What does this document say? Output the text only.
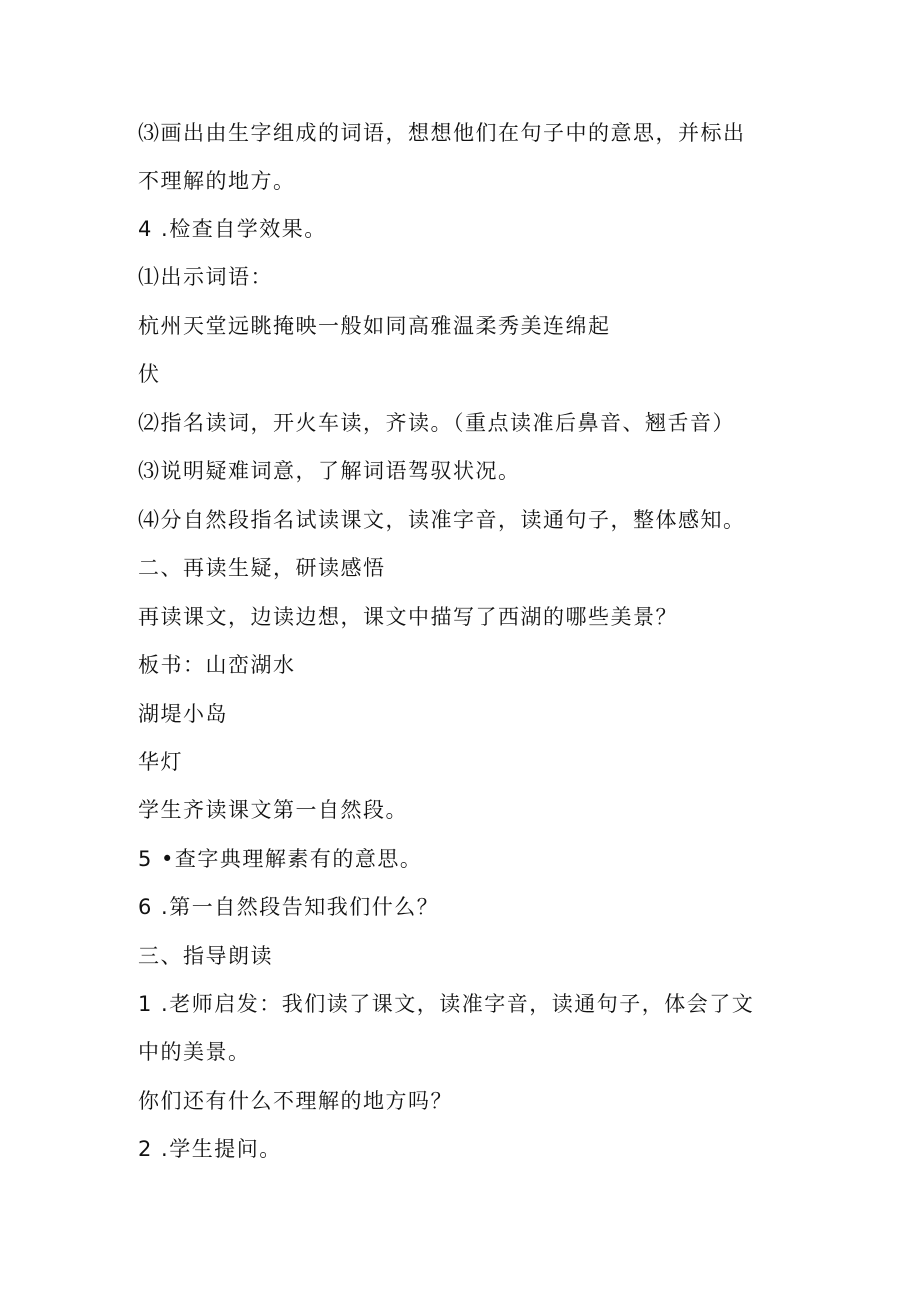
⑶画出由生字组成的词语，想想他们在句子中的意思，并标出
不理解的地方。
4 .检查自学效果。
⑴出示词语：
杭州天堂远眺掩映一般如同高雅温柔秀美连绵起
伏
⑵指名读词，开火车读，齐读。（重点读准后鼻音、翘舌音）
⑶说明疑难词意，了解词语驾驭状况。
⑷分自然段指名试读课文，读准字音，读通句子，整体感知。
二、再读生疑，研读感悟
再读课文，边读边想，课文中描写了西湖的哪些美景？
板书：山峦湖水
湖堤小岛
华灯
学生齐读课文第一自然段。
5 •查字典理解素有的意思。
6 .第一自然段告知我们什么？
三、指导朗读
1 .老师启发：我们读了课文，读准字音，读通句子，体会了文
中的美景。
你们还有什么不理解的地方吗？
2 .学生提问。
